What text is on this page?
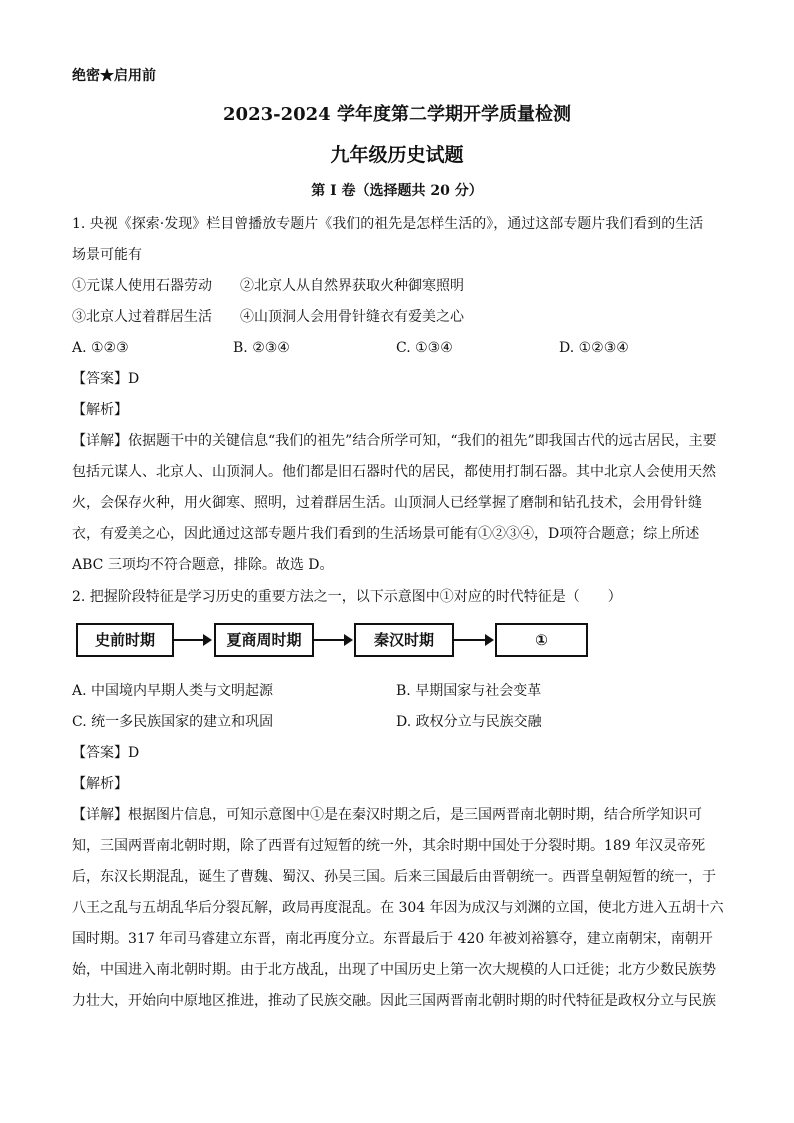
绝密★启用前
2023-2024 学年度第二学期开学质量检测
九年级历史试题
第 I 卷（选择题共 20 分）
1. 央视《探索·发现》栏目曾播放专题片《我们的祖先是怎样生活的》，通过这部专题片我们看到的生活
场景可能有
①元谋人使用石器劳动 ②北京人从自然界获取火种御寒照明
③北京人过着群居生活 ④山顶洞人会用骨针缝衣有爱美之心
A. ①②③	B. ②③④	C. ①③④	D. ①②③④
【答案】D
【解析】
【详解】依据题干中的关键信息“我们的祖先”结合所学可知，“我们的祖先”即我国古代的远古居民，主要包括元谋人、北京人、山顶洞人。他们都是旧石器时代的居民，都使用打制石器。其中北京人会使用天然火，会保存火种，用火御寒、照明，过着群居生活。山顶洞人已经掌握了磨制和钻孔技术，会用骨针缝衣，有爱美之心，因此通过这部专题片我们看到的生活场景可能有①②③④，D项符合题意；综上所述 ABC 三项均不符合题意，排除。故选 D。
2. 把握阶段特征是学习历史的重要方法之一，以下示意图中①对应的时代特征是（　　）
史前时期	夏商周时期	秦汉时期	①
A. 中国境内早期人类与文明起源	B. 早期国家与社会变革
C. 统一多民族国家的建立和巩固	D. 政权分立与民族交融
【答案】D
【解析】
【详解】根据图片信息，可知示意图中①是在秦汉时期之后，是三国两晋南北朝时期，结合所学知识可知，三国两晋南北朝时期，除了西晋有过短暂的统一外，其余时期中国处于分裂时期。189 年汉灵帝死后，东汉长期混乱，诞生了曹魏、蜀汉、孙吴三国。后来三国最后由晋朝统一。西晋皇朝短暂的统一，于八王之乱与五胡乱华后分裂瓦解，政局再度混乱。在 304 年因为成汉与刘渊的立国，使北方进入五胡十六国时期。317 年司马睿建立东晋，南北再度分立。东晋最后于 420 年被刘裕篡夺，建立南朝宋，南朝开始，中国进入南北朝时期。由于北方战乱，出现了中国历史上第一次大规模的人口迁徙；北方少数民族势力壮大，开始向中原地区推进，推动了民族交融。因此三国两晋南北朝时期的时代特征是政权分立与民族
